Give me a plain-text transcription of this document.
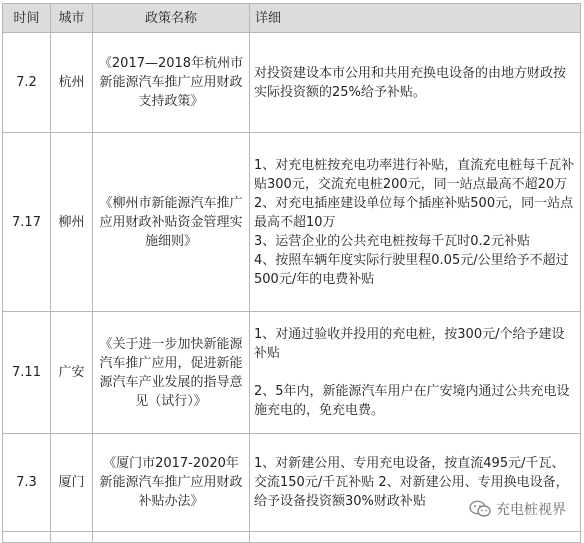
时间	城市	政策名称	详细
7.2	杭州	《2017—2018年杭州市新能源汽车推广应用财政支持政策》	对投资建设本市公用和共用充换电设备的由地方财政按实际投资额的25%给予补贴。

7.17	柳州	《柳州市新能源汽车推广应用财政补贴资金管理实施细则》	1、对充电桩按充电功率进行补贴，直流充电桩每千瓦补贴300元，交流充电桩200元，同一站点最高不超20万
2、对充电插座建设单位每个插座补贴500元，同一站点最高不超10万
3、运营企业的公共充电桩按每千瓦时0.2元补贴
4、按照车辆年度实际行驶里程0.05元/公里给予不超过500元/年的电费补贴

7.11	广安	《关于进一步加快新能源汽车推广应用，促进新能源汽车产业发展的指导意见（试行）》	1、对通过验收并投用的充电桩，按300元/个给予建设补贴
2、5年内，新能源汽车用户在广安境内通过公共充电设施充电的，免充电费。

7.3	厦门	《厦门市2017-2020年新能源汽车推广应用财政补贴办法》	1、对新建公用、专用充电设备，按直流495元/千瓦、交流150元/千瓦补贴 2、对新建公用、专用换电设备，给予设备投资额30%财政补贴

充电桩视界
